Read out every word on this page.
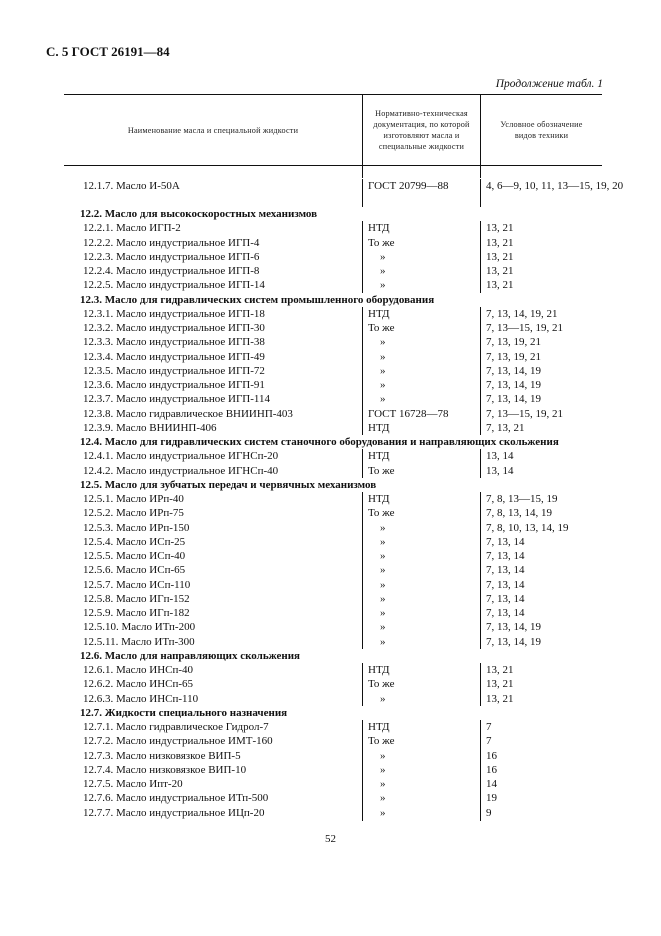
С. 5 ГОСТ 26191—84
Продолжение табл. 1
Наименование масла и специальной жидкости
Нормативно-техническая документация, по которой изготовляют масла и специальные жидкости
Условное обозначение видов техники
12.1.7. Масло И-50А	ГОСТ 20799—88	4, 6—9, 10, 11, 13—15, 19, 20
12.2. Масло для высокоскоростных механизмов
12.2.1. Масло ИГП-2	НТД	13, 21
12.2.2. Масло индустриальное ИГП-4	То же	13, 21
12.2.3. Масло индустриальное ИГП-6	»	13, 21
12.2.4. Масло индустриальное ИГП-8	»	13, 21
12.2.5. Масло индустриальное ИГП-14	»	13, 21
12.3. Масло для гидравлических систем промышленного оборудования
12.3.1. Масло индустриальное ИГП-18	НТД	7, 13, 14, 19, 21
12.3.2. Масло индустриальное ИГП-30	То же	7, 13—15, 19, 21
12.3.3. Масло индустриальное ИГП-38	»	7, 13, 19, 21
12.3.4. Масло индустриальное ИГП-49	»	7, 13, 19, 21
12.3.5. Масло индустриальное ИГП-72	»	7, 13, 14, 19
12.3.6. Масло индустриальное ИГП-91	»	7, 13, 14, 19
12.3.7. Масло индустриальное ИГП-114	»	7, 13, 14, 19
12.3.8. Масло гидравлическое ВНИИНП-403	ГОСТ 16728—78	7, 13—15, 19, 21
12.3.9. Масло ВНИИНП-406	НТД	7, 13, 21
12.4. Масло для гидравлических систем станочного оборудования и направляющих скольжения
12.4.1. Масло индустриальное ИГНСп-20	НТД	13, 14
12.4.2. Масло индустриальное ИГНСп-40	То же	13, 14
12.5. Масло для зубчатых передач и червячных механизмов
12.5.1. Масло ИРп-40	НТД	7, 8, 13—15, 19
12.5.2. Масло ИРп-75	То же	7, 8, 13, 14, 19
12.5.3. Масло ИРп-150	»	7, 8, 10, 13, 14, 19
12.5.4. Масло ИСп-25	»	7, 13, 14
12.5.5. Масло ИСп-40	»	7, 13, 14
12.5.6. Масло ИСп-65	»	7, 13, 14
12.5.7. Масло ИСп-110	»	7, 13, 14
12.5.8. Масло ИГп-152	»	7, 13, 14
12.5.9. Масло ИГп-182	»	7, 13, 14
12.5.10. Масло ИТп-200	»	7, 13, 14, 19
12.5.11. Масло ИТп-300	»	7, 13, 14, 19
12.6. Масло для направляющих скольжения
12.6.1. Масло ИНСп-40	НТД	13, 21
12.6.2. Масло ИНСп-65	То же	13, 21
12.6.3. Масло ИНСп-110	»	13, 21
12.7. Жидкости специального назначения
12.7.1. Масло гидравлическое Гидрол-7	НТД	7
12.7.2. Масло индустриальное ИМТ-160	То же	7
12.7.3. Масло низковязкое ВИП-5	»	16
12.7.4. Масло низковязкое ВИП-10	»	16
12.7.5. Масло Ипт-20	»	14
12.7.6. Масло индустриальное ИТп-500	»	19
12.7.7. Масло индустриальное ИЦп-20	»	9
52
